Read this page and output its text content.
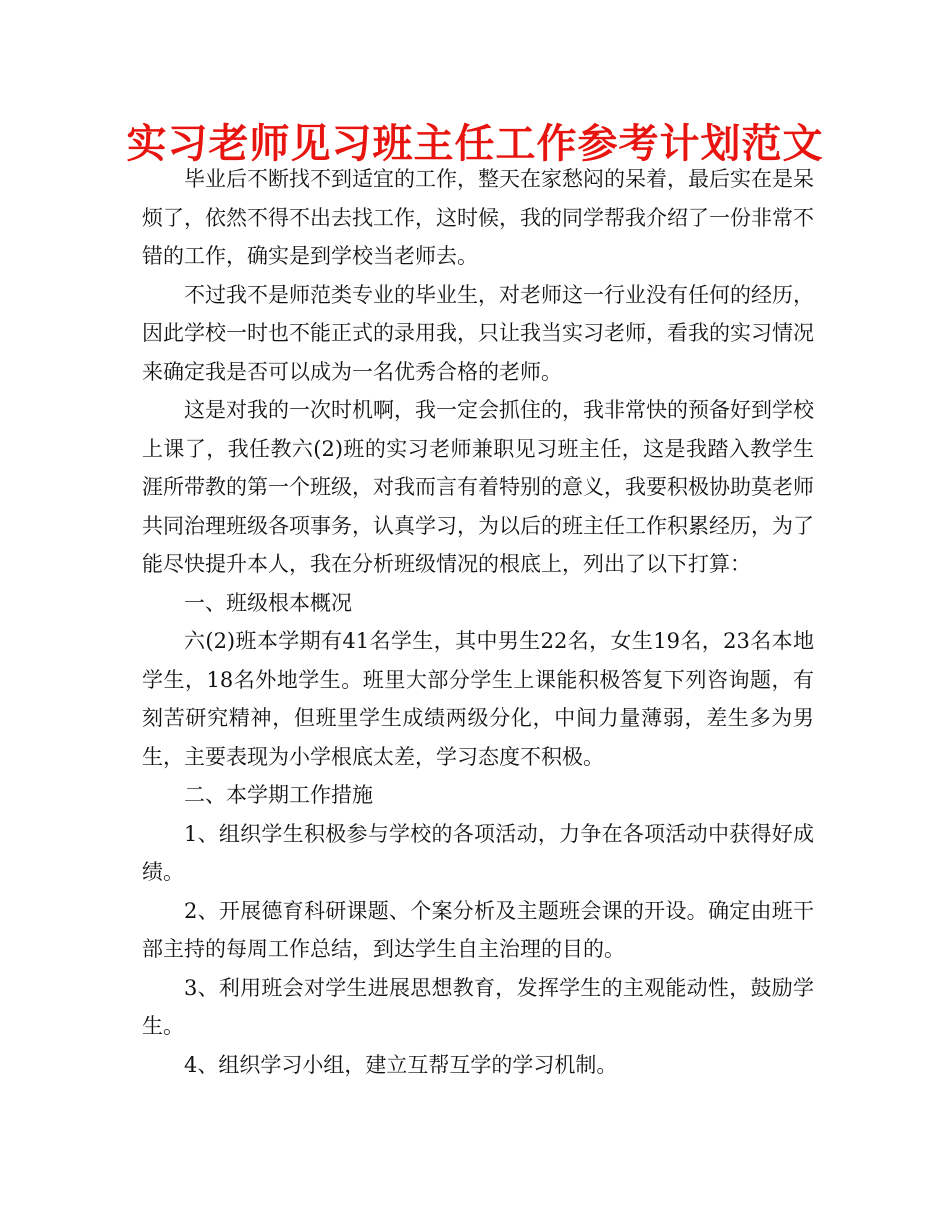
实习老师见习班主任工作参考计划范文

毕业后不断找不到适宜的工作，整天在家愁闷的呆着，最后实在是呆烦了，依然不得不出去找工作，这时候，我的同学帮我介绍了一份非常不错的工作，确实是到学校当老师去。

不过我不是师范类专业的毕业生，对老师这一行业没有任何的经历，因此学校一时也不能正式的录用我，只让我当实习老师，看我的实习情况来确定我是否可以成为一名优秀合格的老师。

这是对我的一次时机啊，我一定会抓住的，我非常快的预备好到学校上课了，我任教六(2)班的实习老师兼职见习班主任，这是我踏入教学生涯所带教的第一个班级，对我而言有着特别的意义，我要积极协助莫老师共同治理班级各项事务，认真学习，为以后的班主任工作积累经历，为了能尽快提升本人，我在分析班级情况的根底上，列出了以下打算：

一、班级根本概况

六(2)班本学期有41名学生，其中男生22名，女生19名，23名本地学生，18名外地学生。班里大部分学生上课能积极答复下列咨询题，有刻苦研究精神，但班里学生成绩两级分化，中间力量薄弱，差生多为男生，主要表现为小学根底太差，学习态度不积极。

二、本学期工作措施

1、组织学生积极参与学校的各项活动，力争在各项活动中获得好成绩。

2、开展德育科研课题、个案分析及主题班会课的开设。确定由班干部主持的每周工作总结，到达学生自主治理的目的。

3、利用班会对学生进展思想教育，发挥学生的主观能动性，鼓励学生。

4、组织学习小组，建立互帮互学的学习机制。
